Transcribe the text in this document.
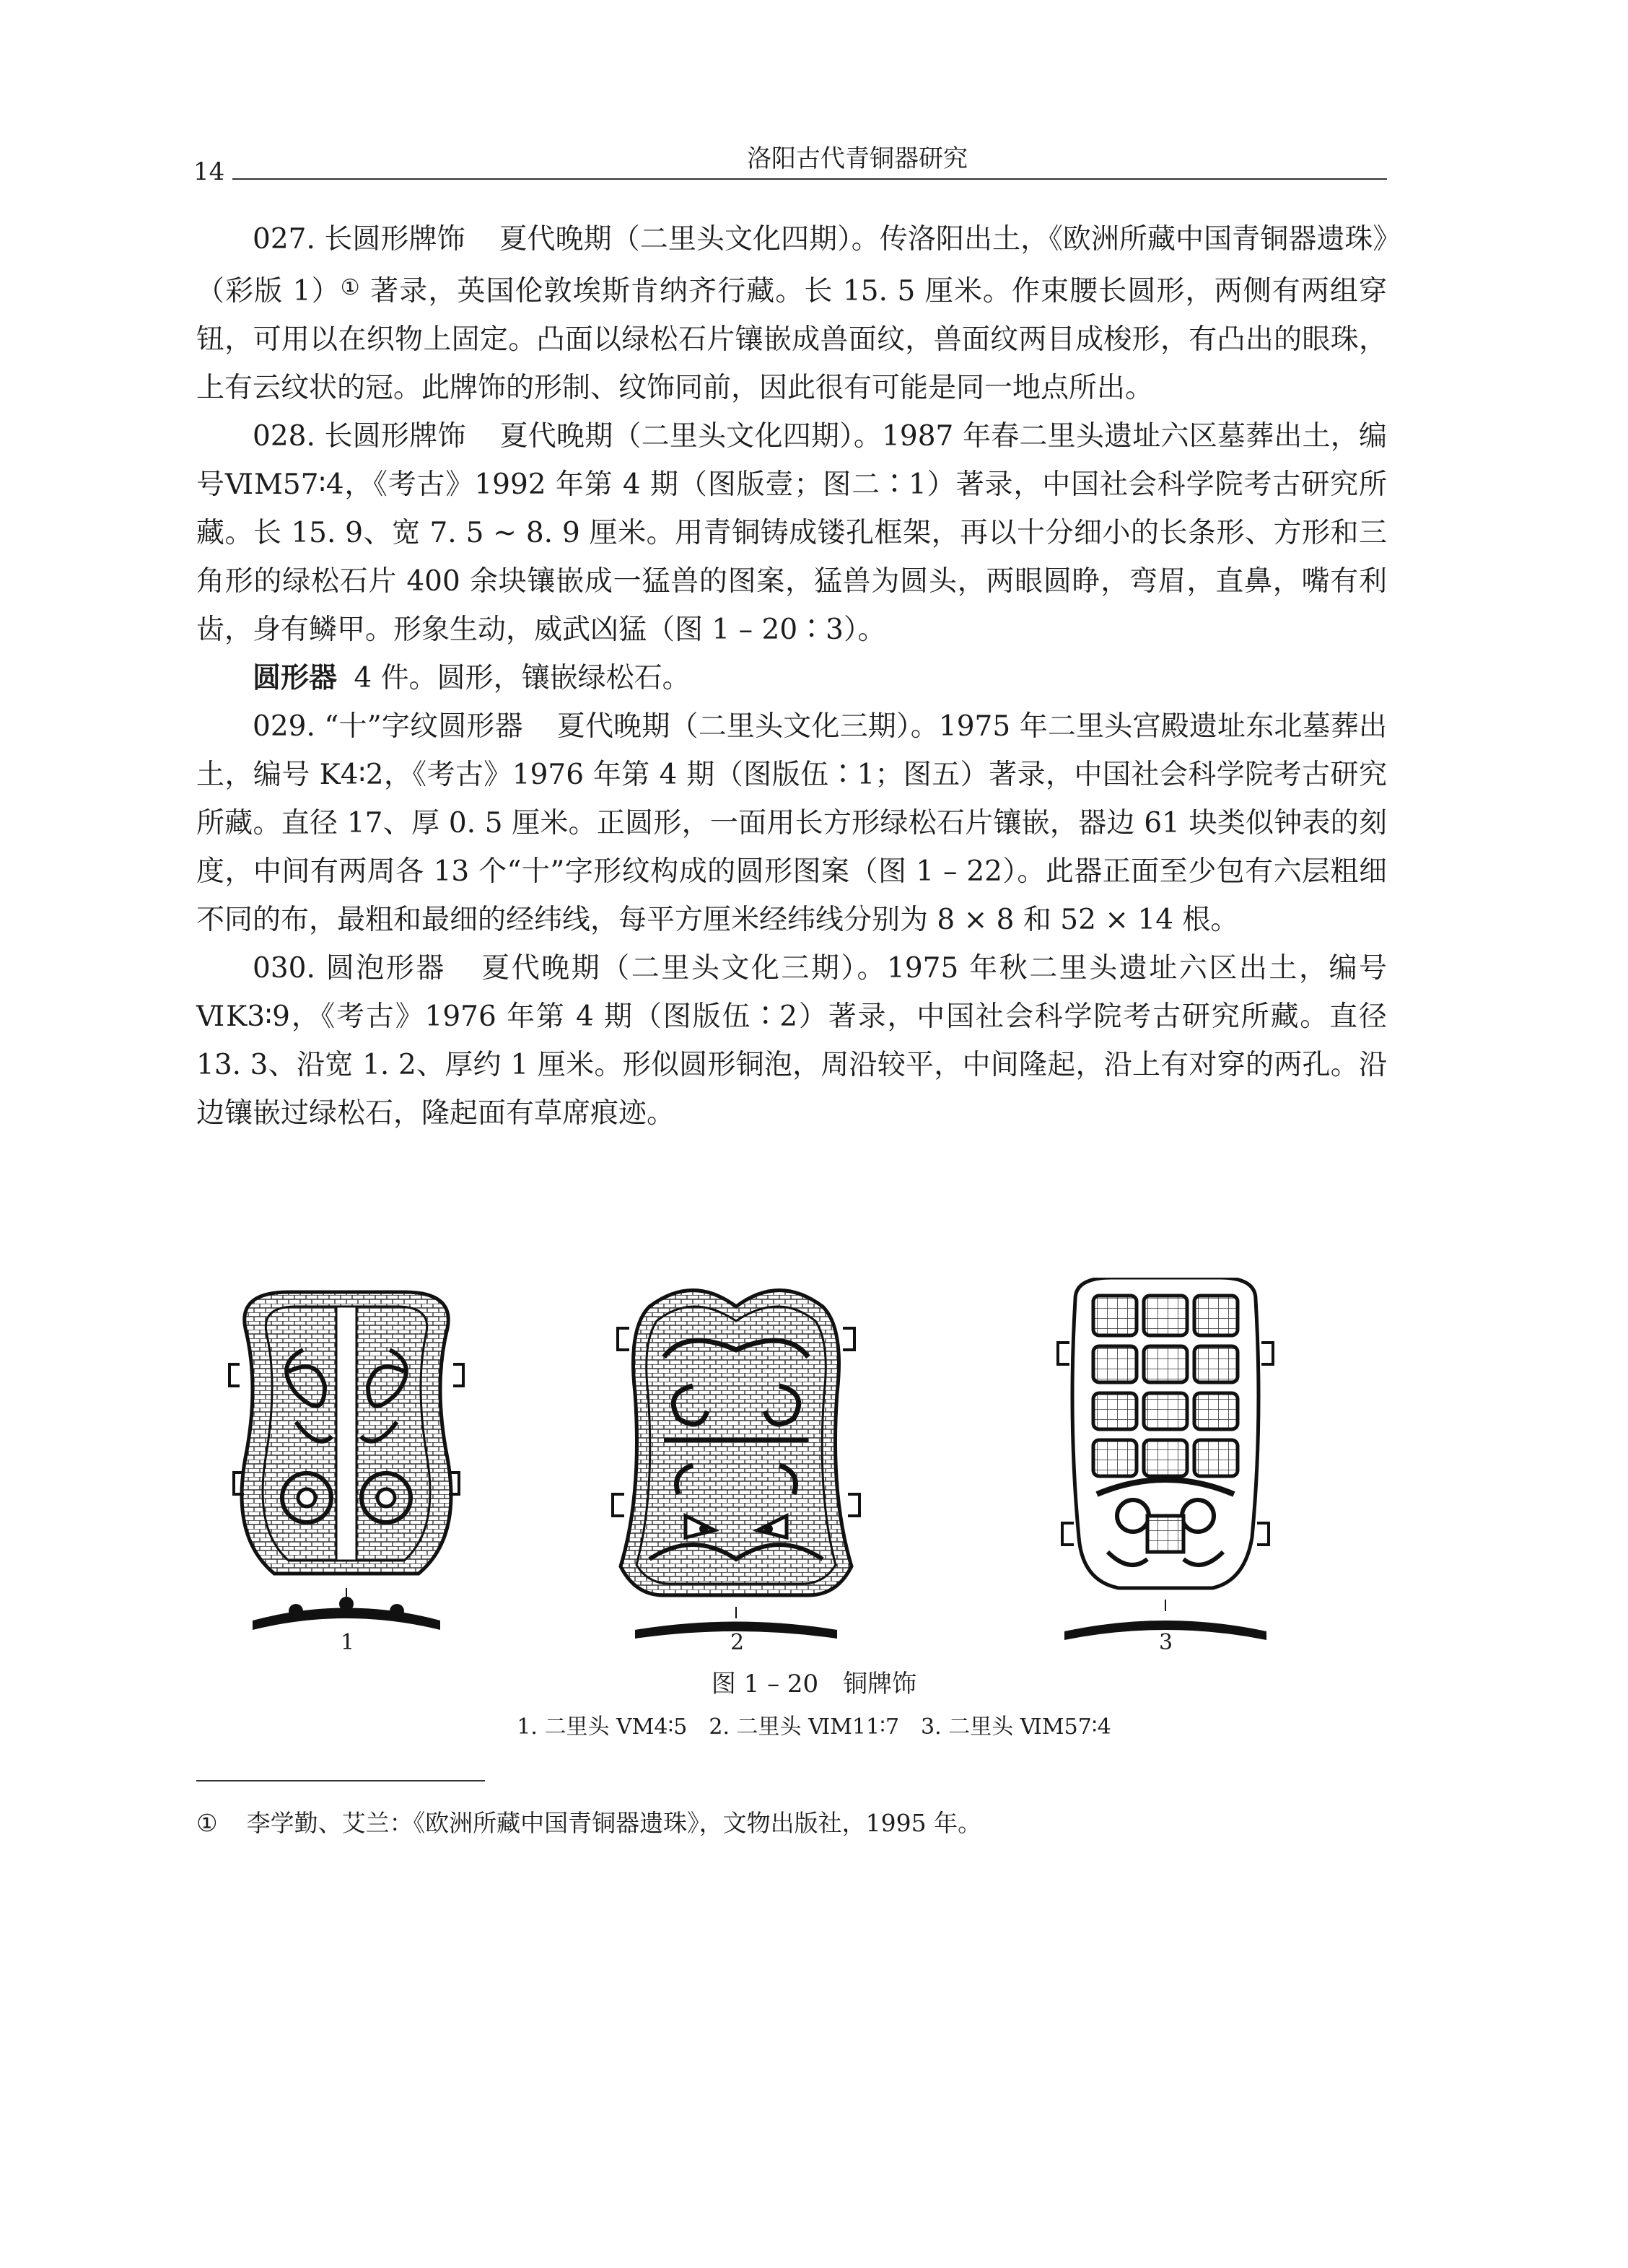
14	洛阳古代青铜器研究

027. 长圆形牌饰 夏代晚期（二里头文化四期）。传洛阳出土，《欧洲所藏中国青铜器遗珠》（彩版 1）① 著录，英国伦敦埃斯肯纳齐行藏。长 15. 5 厘米。作束腰长圆形，两侧有两组穿钮，可用以在织物上固定。凸面以绿松石片镶嵌成兽面纹，兽面纹两目成梭形，有凸出的眼珠，上有云纹状的冠。此牌饰的形制、纹饰同前，因此很有可能是同一地点所出。

028. 长圆形牌饰 夏代晚期（二里头文化四期）。1987 年春二里头遗址六区墓葬出土，编号ⅥM57∶4，《考古》1992 年第 4 期（图版壹；图二∶1）著录，中国社会科学院考古研究所藏。长 15. 9、宽 7. 5 ~ 8. 9 厘米。用青铜铸成镂孔框架，再以十分细小的长条形、方形和三角形的绿松石片 400 余块镶嵌成一猛兽的图案，猛兽为圆头，两眼圆睁，弯眉，直鼻，嘴有利齿，身有鳞甲。形象生动，威武凶猛（图 1 – 20∶3）。

圆形器 4 件。圆形，镶嵌绿松石。

029. “十”字纹圆形器 夏代晚期（二里头文化三期）。1975 年二里头宫殿遗址东北墓葬出土，编号 K4∶2，《考古》1976 年第 4 期（图版伍∶1；图五）著录，中国社会科学院考古研究所藏。直径 17、厚 0. 5 厘米。正圆形，一面用长方形绿松石片镶嵌，器边 61 块类似钟表的刻度，中间有两周各 13 个“十”字形纹构成的圆形图案（图 1 – 22）。此器正面至少包有六层粗细不同的布，最粗和最细的经纬线，每平方厘米经纬线分别为 8 × 8 和 52 × 14 根。

030. 圆泡形器 夏代晚期（二里头文化三期）。1975 年秋二里头遗址六区出土，编号ⅥK3∶9，《考古》1976 年第 4 期（图版伍∶2）著录，中国社会科学院考古研究所藏。直径 13. 3、沿宽 1. 2、厚约 1 厘米。形似圆形铜泡，周沿较平，中间隆起，沿上有对穿的两孔。沿边镶嵌过绿松石，隆起面有草席痕迹。

1	2	3
图 1 – 20　铜牌饰
1. 二里头 ⅤM4∶5　2. 二里头 ⅥM11∶7　3. 二里头 ⅥM57∶4
① 李学勤、艾兰：《欧洲所藏中国青铜器遗珠》，文物出版社，1995 年。
